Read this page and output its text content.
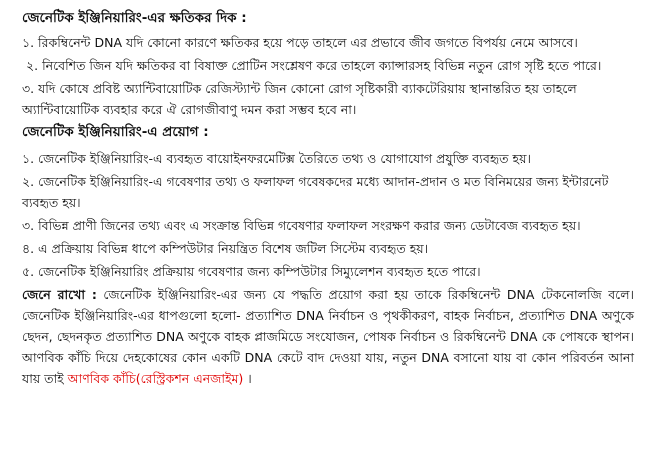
জেনেটিক ইঞ্জিনিয়ারিং-এর ক্ষতিকর দিক :

১. রিকম্বিনেন্ট DNA যদি কোনো কারণে ক্ষতিকর হয়ে পড়ে তাহলে এর প্রভাবে জীব জগতে বিপর্যয় নেমে আসবে।

২. নিবেশিত জিন যদি ক্ষতিকর বা বিষাক্ত প্রোটিন সংশ্লেষণ করে তাহলে ক্যান্সারসহ বিভিন্ন নতুন রোগ সৃষ্টি হতে পারে।

৩. যদি কোষে প্রবিষ্ট অ্যান্টিবায়োটিক রেজিস্ট্যান্ট জিন কোনো রোগ সৃষ্টিকারী ব্যাকটেরিয়ায় স্থানান্তরিত হয় তাহলে অ্যান্টিবায়োটিক ব্যবহার করে ঐ রোগজীবাণু দমন করা সম্ভব হবে না।

জেনেটিক ইঞ্জিনিয়ারিং-এ প্রয়োগ :

১. জেনেটিক ইঞ্জিনিয়ারিং-এ ব্যবহৃত বায়োইনফরমেটিক্স তৈরিতে তথ্য ও যোগাযোগ প্রযুক্তি ব্যবহৃত হয়।

২. জেনেটিক ইঞ্জিনিয়ারিং-এ গবেষণার তথ্য ও ফলাফল গবেষকদের মধ্যে আদান-প্রদান ও মত বিনিময়ের জন্য ইন্টারনেট ব্যবহৃত হয়।

৩. বিভিন্ন প্রাণী জিনের তথ্য এবং এ সংক্রান্ত বিভিন্ন গবেষণার ফলাফল সংরক্ষণ করার জন্য ডেটাবেজ ব্যবহৃত হয়।

৪. এ প্রক্রিয়ায় বিভিন্ন ধাপে কম্পিউটার নিয়ন্ত্রিত বিশেষ জটিল সিস্টেম ব্যবহৃত হয়।

৫. জেনেটিক ইঞ্জিনিয়ারিং প্রক্রিয়ায় গবেষণার জন্য কম্পিউটার সিম্যুলেশন ব্যবহৃত হতে পারে।

জেনে রাখো : জেনেটিক ইঞ্জিনিয়ারিং-এর জন্য যে পদ্ধতি প্রয়োগ করা হয় তাকে রিকম্বিনেন্ট DNA টেকনোলজি বলে। জেনেটিক ইঞ্জিনিয়ারিং-এর ধাপগুলো হলো- প্রত্যাশিত DNA নির্বাচন ও পৃথকীকরণ, বাহক নির্বাচন, প্রত্যাশিত DNA অণুকে ছেদন, ছেদনকৃত প্রত্যাশিত DNA অণুকে বাহক প্লাজমিডে সংযোজন, পোষক নির্বাচন ও রিকম্বিনেন্ট DNA কে পোষকে স্থাপন। আণবিক কাঁচি দিয়ে দেহকোষের কোন একটি DNA কেটে বাদ দেওয়া যায়, নতুন DNA বসানো যায় বা কোন পরিবর্তন আনা যায় তাই আণবিক কাঁচি(রেস্ট্রিকশন এনজাইম) ।
